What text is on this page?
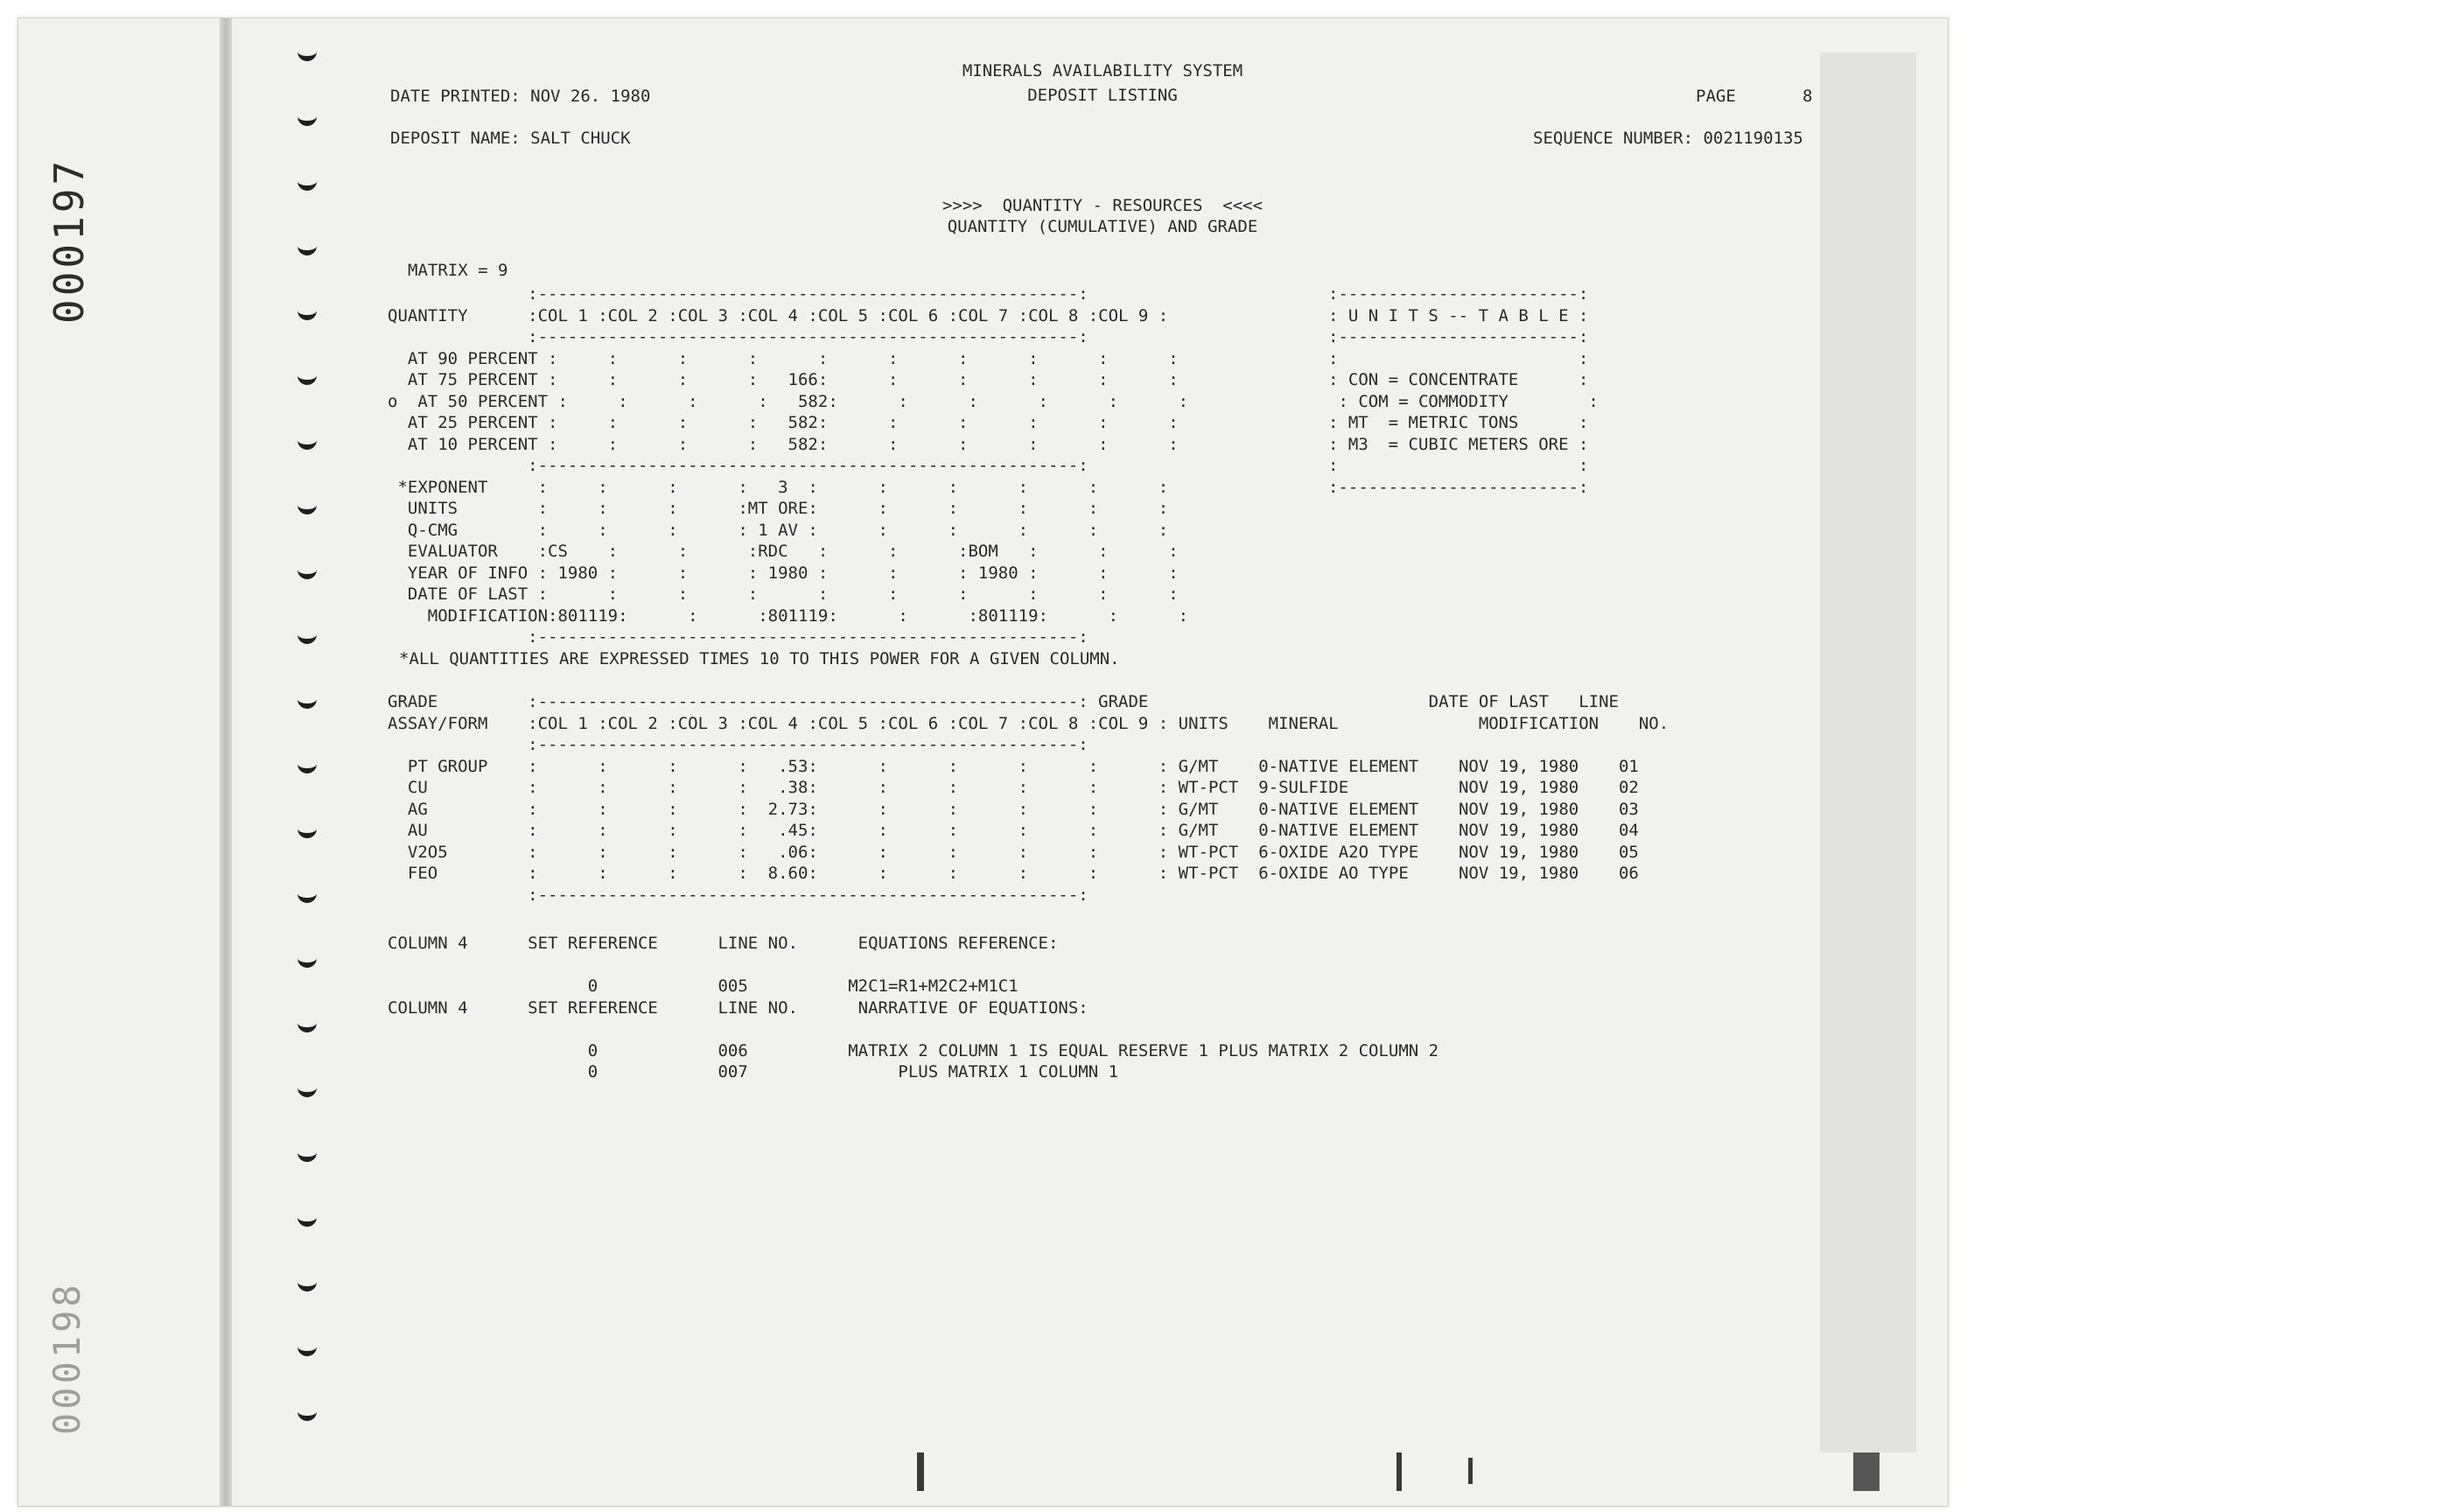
000197
000198
MINERALS AVAILABILITY SYSTEM
DEPOSIT LISTING
DATE PRINTED: NOV 26. 1980	PAGE	8
DEPOSIT NAME: SALT CHUCK	SEQUENCE NUMBER: 0021190135
>>>>  QUANTITY - RESOURCES  <<<<
QUANTITY (CUMULATIVE) AND GRADE
MATRIX = 9
:------------------------------------------------------:
QUANTITY      :COL 1 :COL 2 :COL 3 :COL 4 :COL 5 :COL 6 :COL 7 :COL 8 :COL 9 :
:------------------------------------------------------:
AT 90 PERCENT :     :      :      :      :      :      :      :      :      :
AT 75 PERCENT :     :      :      :   166:      :      :      :      :      :
o  AT 50 PERCENT :     :      :      :   582:      :      :      :      :      :
AT 25 PERCENT :     :      :      :   582:      :      :      :      :      :
AT 10 PERCENT :     :      :      :   582:      :      :      :      :      :
:------------------------------------------------------:
*EXPONENT     :     :      :      :   3  :      :      :      :      :      :
UNITS        :     :      :      :MT ORE:      :      :      :      :      :
Q-CMG        :     :      :      : 1 AV :      :      :      :      :      :
EVALUATOR    :CS    :      :      :RDC   :      :      :BOM   :      :      :
YEAR OF INFO : 1980 :      :      : 1980 :      :      : 1980 :      :      :
DATE OF LAST :      :      :      :      :      :      :      :      :      :
MODIFICATION:801119:      :      :801119:      :      :801119:      :      :
:------------------------------------------------------:
*ALL QUANTITIES ARE EXPRESSED TIMES 10 TO THIS POWER FOR A GIVEN COLUMN.
:------------------------:
: U N I T S -- T A B L E :
:------------------------:
:                        :
: CON = CONCENTRATE      :
: COM = COMMODITY        :
: MT  = METRIC TONS      :
: M3  = CUBIC METERS ORE :
:                        :
:------------------------:
GRADE         :------------------------------------------------------: GRADE                            DATE OF LAST   LINE
ASSAY/FORM    :COL 1 :COL 2 :COL 3 :COL 4 :COL 5 :COL 6 :COL 7 :COL 8 :COL 9 : UNITS    MINERAL              MODIFICATION    NO.
:------------------------------------------------------:
PT GROUP    :      :      :      :   .53:      :      :      :      :      : G/MT    0-NATIVE ELEMENT    NOV 19, 1980    01
CU          :      :      :      :   .38:      :      :      :      :      : WT-PCT  9-SULFIDE           NOV 19, 1980    02
AG          :      :      :      :  2.73:      :      :      :      :      : G/MT    0-NATIVE ELEMENT    NOV 19, 1980    03
AU          :      :      :      :   .45:      :      :      :      :      : G/MT    0-NATIVE ELEMENT    NOV 19, 1980    04
V2O5        :      :      :      :   .06:      :      :      :      :      : WT-PCT  6-OXIDE A2O TYPE    NOV 19, 1980    05
FEO         :      :      :      :  8.60:      :      :      :      :      : WT-PCT  6-OXIDE AO TYPE     NOV 19, 1980    06
:------------------------------------------------------:
COLUMN 4      SET REFERENCE      LINE NO.      EQUATIONS REFERENCE:

0            005          M2C1=R1+M2C2+M1C1
COLUMN 4      SET REFERENCE      LINE NO.      NARRATIVE OF EQUATIONS:

0            006          MATRIX 2 COLUMN 1 IS EQUAL RESERVE 1 PLUS MATRIX 2 COLUMN 2
0            007               PLUS MATRIX 1 COLUMN 1
